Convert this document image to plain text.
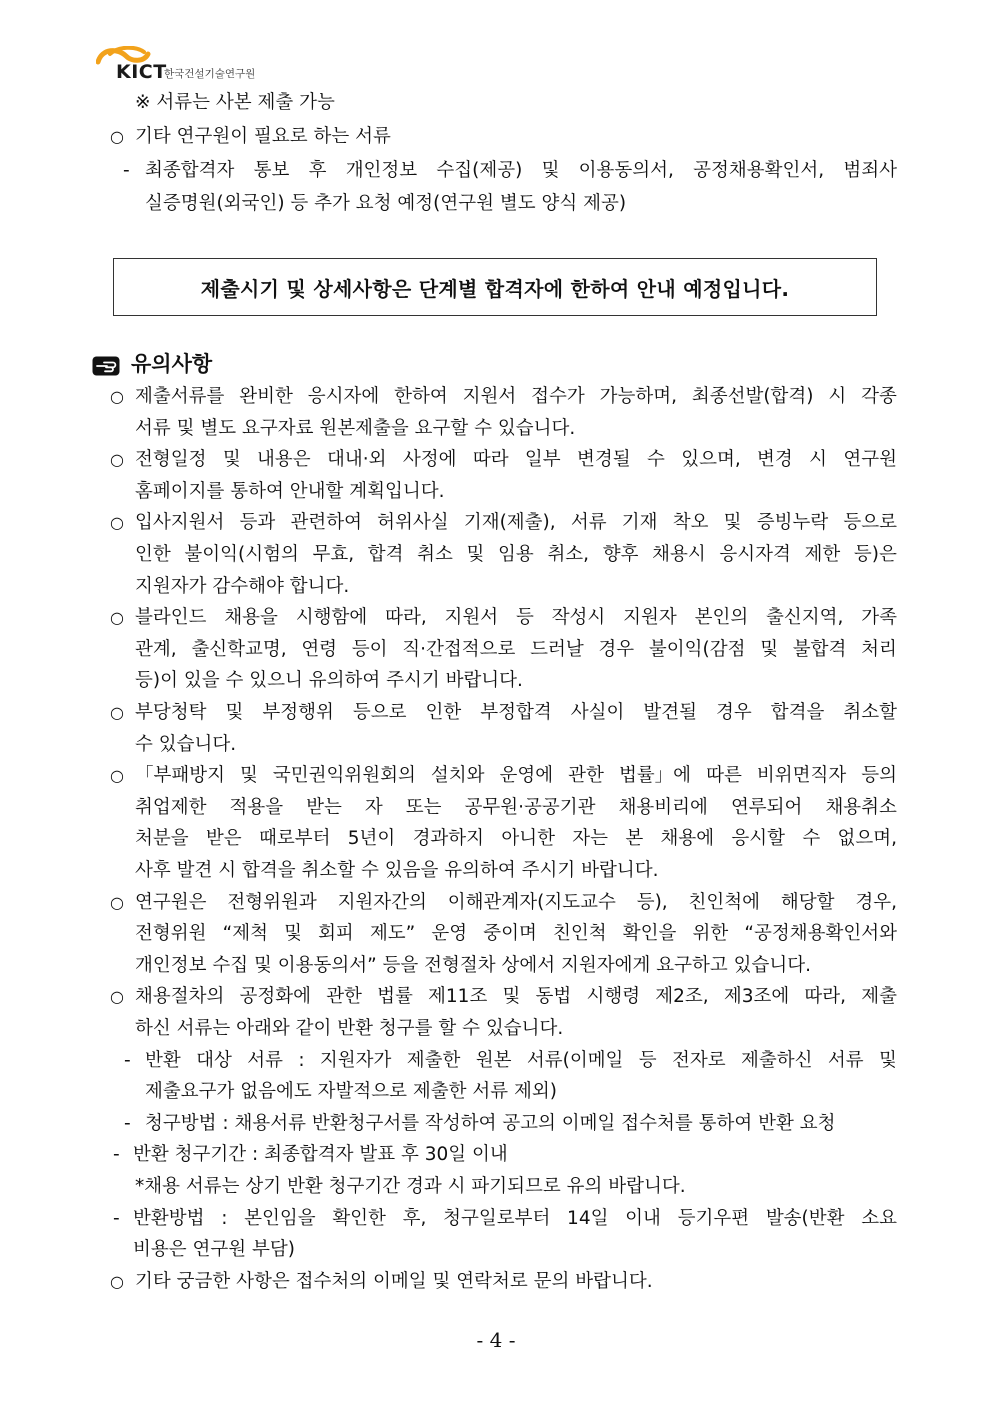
KICT
한국건설기술연구원
※ 서류는 사본 제출 가능
○ 기타 연구원이 필요로 하는 서류
- 최종합격자 통보 후 개인정보 수집(제공) 및 이용동의서, 공정채용확인서, 범죄사
실증명원(외국인) 등 추가 요청 예정(연구원 별도 양식 제공)
제출시기 및 상세사항은 단계별 합격자에 한하여 안내 예정입니다.
유의사항
○ 제출서류를 완비한 응시자에 한하여 지원서 접수가 가능하며, 최종선발(합격) 시 각종
서류 및 별도 요구자료 원본제출을 요구할 수 있습니다.
○ 전형일정 및 내용은 대내·외 사정에 따라 일부 변경될 수 있으며, 변경 시 연구원
홈페이지를 통하여 안내할 계획입니다.
○ 입사지원서 등과 관련하여 허위사실 기재(제출), 서류 기재 착오 및 증빙누락 등으로
인한 불이익(시험의 무효, 합격 취소 및 임용 취소, 향후 채용시 응시자격 제한 등)은
지원자가 감수해야 합니다.
○ 블라인드 채용을 시행함에 따라, 지원서 등 작성시 지원자 본인의 출신지역, 가족
관계, 출신학교명, 연령 등이 직·간접적으로 드러날 경우 불이익(감점 및 불합격 처리
등)이 있을 수 있으니 유의하여 주시기 바랍니다.
○ 부당청탁 및 부정행위 등으로 인한 부정합격 사실이 발견될 경우 합격을 취소할
수 있습니다.
○ 「부패방지 및 국민권익위원회의 설치와 운영에 관한 법률」에 따른 비위면직자 등의
취업제한 적용을 받는 자 또는 공무원·공공기관 채용비리에 연루되어 채용취소
처분을 받은 때로부터 5년이 경과하지 아니한 자는 본 채용에 응시할 수 없으며,
사후 발견 시 합격을 취소할 수 있음을 유의하여 주시기 바랍니다.
○ 연구원은 전형위원과 지원자간의 이해관계자(지도교수 등), 친인척에 해당할 경우,
전형위원 “제척 및 회피 제도” 운영 중이며 친인척 확인을 위한 “공정채용확인서와
개인정보 수집 및 이용동의서” 등을 전형절차 상에서 지원자에게 요구하고 있습니다.
○ 채용절차의 공정화에 관한 법률 제11조 및 동법 시행령 제2조, 제3조에 따라, 제출
하신 서류는 아래와 같이 반환 청구를 할 수 있습니다.
- 반환 대상 서류 : 지원자가 제출한 원본 서류(이메일 등 전자로 제출하신 서류 및
제출요구가 없음에도 자발적으로 제출한 서류 제외)
- 청구방법 : 채용서류 반환청구서를 작성하여 공고의 이메일 접수처를 통하여 반환 요청
- 반환 청구기간 : 최종합격자 발표 후 30일 이내
*채용 서류는 상기 반환 청구기간 경과 시 파기되므로 유의 바랍니다.
- 반환방법 : 본인임을 확인한 후, 청구일로부터 14일 이내 등기우편 발송(반환 소요
비용은 연구원 부담)
○ 기타 궁금한 사항은 접수처의 이메일 및 연락처로 문의 바랍니다.
- 4 -
